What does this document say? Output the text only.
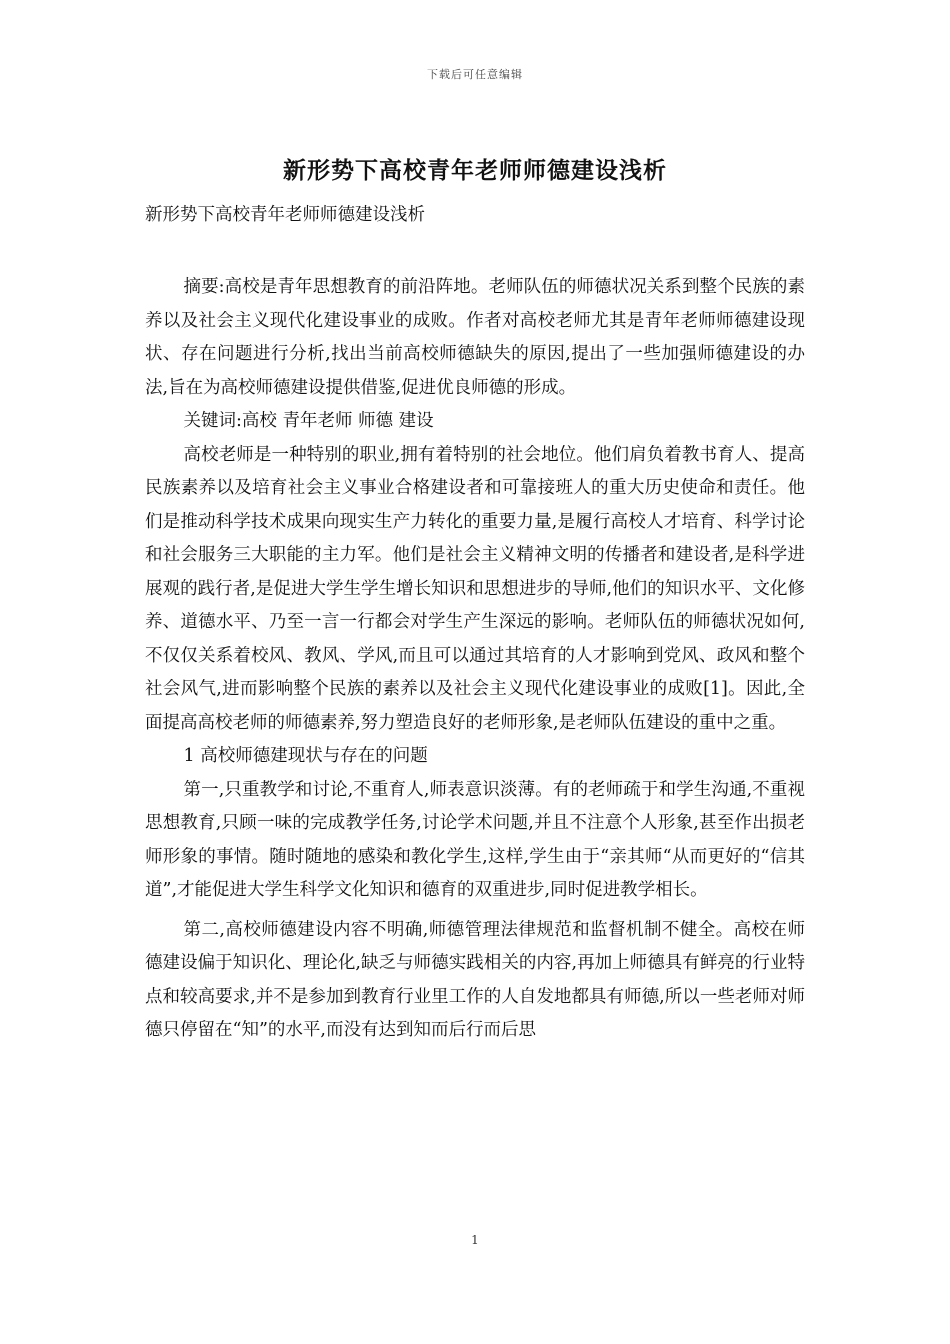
下载后可任意编辑
新形势下高校青年老师师德建设浅析

新形势下高校青年老师师德建设浅析

摘要:高校是青年思想教育的前沿阵地。老师队伍的师德状况关系到整个民族的素养以及社会主义现代化建设事业的成败。作者对高校老师尤其是青年老师师德建设现状、存在问题进行分析,找出当前高校师德缺失的原因,提出了一些加强师德建设的办法,旨在为高校师德建设提供借鉴,促进优良师德的形成。

关键词:高校 青年老师 师德 建设

高校老师是一种特别的职业,拥有着特别的社会地位。他们肩负着教书育人、提高民族素养以及培育社会主义事业合格建设者和可靠接班人的重大历史使命和责任。他们是推动科学技术成果向现实生产力转化的重要力量,是履行高校人才培育、科学讨论和社会服务三大职能的主力军。他们是社会主义精神文明的传播者和建设者,是科学进展观的践行者,是促进大学生学生增长知识和思想进步的导师,他们的知识水平、文化修养、道德水平、乃至一言一行都会对学生产生深远的影响。老师队伍的师德状况如何,不仅仅关系着校风、教风、学风,而且可以通过其培育的人才影响到党风、政风和整个社会风气,进而影响整个民族的素养以及社会主义现代化建设事业的成败[1]。因此,全面提高高校老师的师德素养,努力塑造良好的老师形象,是老师队伍建设的重中之重。

1 高校师德建现状与存在的问题

第一,只重教学和讨论,不重育人,师表意识淡薄。有的老师疏于和学生沟通,不重视思想教育,只顾一味的完成教学任务,讨论学术问题,并且不注意个人形象,甚至作出损老师形象的事情。随时随地的感染和教化学生,这样,学生由于“亲其师“从而更好的“信其道”,才能促进大学生科学文化知识和德育的双重进步,同时促进教学相长。

第二,高校师德建设内容不明确,师德管理法律规范和监督机制不健全。高校在师德建设偏于知识化、理论化,缺乏与师德实践相关的内容,再加上师德具有鲜亮的行业特点和较高要求,并不是参加到教育行业里工作的人自发地都具有师德,所以一些老师对师德只停留在“知”的水平,而没有达到知而后行而后思

1
